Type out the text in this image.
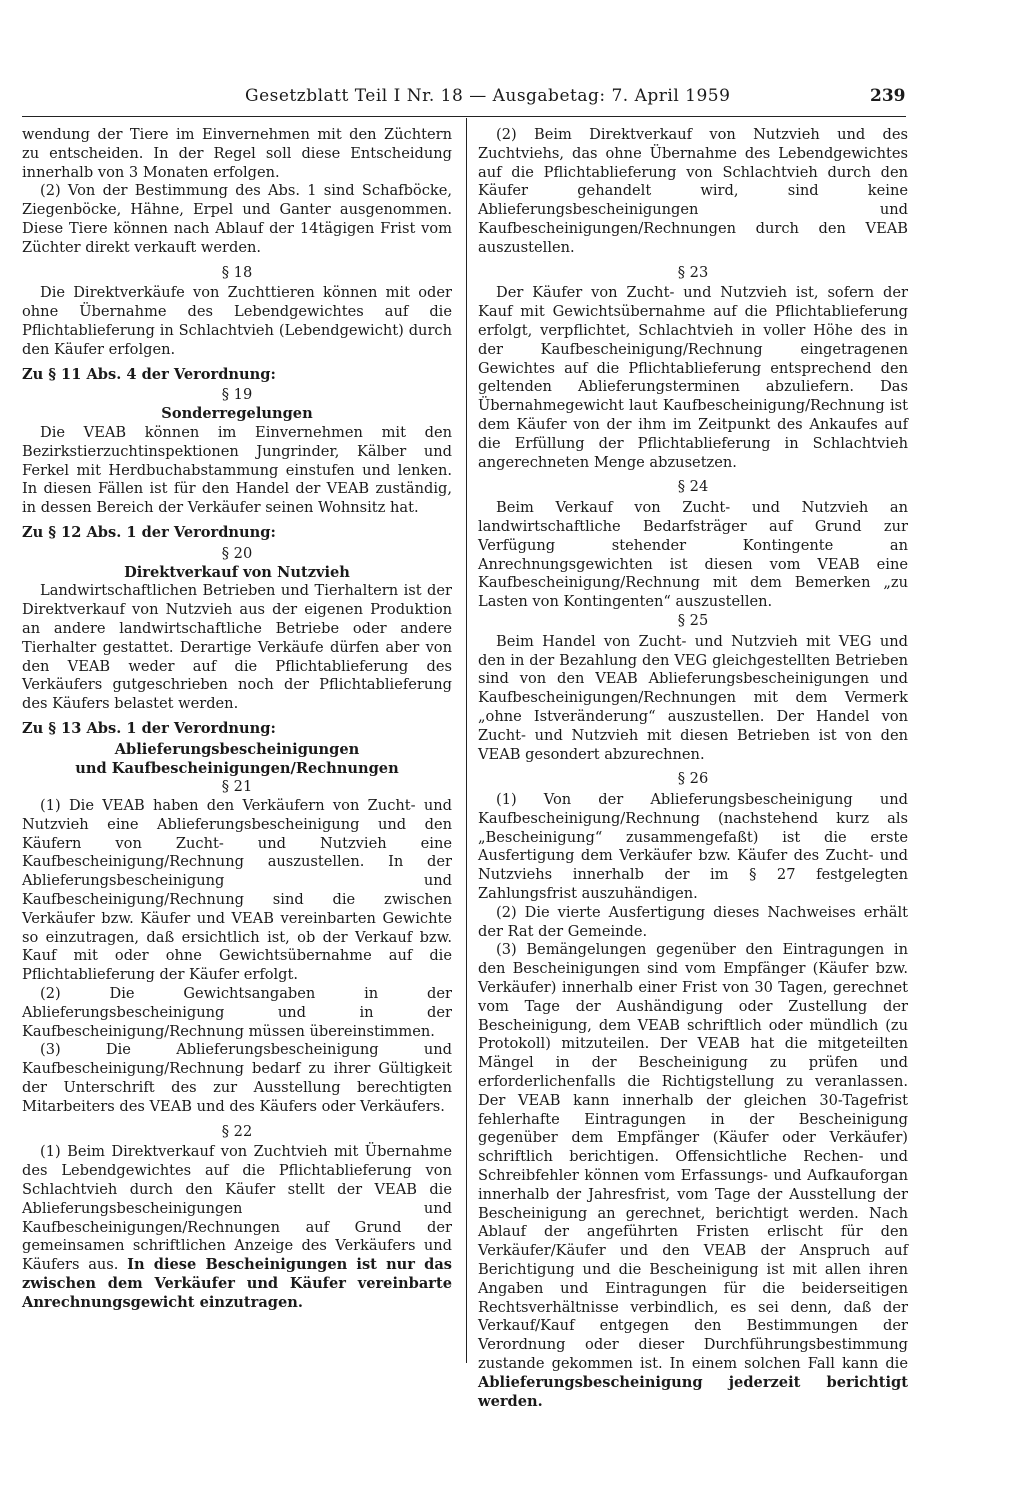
Gesetzblatt Teil I Nr. 18 — Ausgabetag: 7. April 1959	239

wendung der Tiere im Einvernehmen mit den Züchtern zu entscheiden. In der Regel soll diese Entscheidung innerhalb von 3 Monaten erfolgen.

(2) Von der Bestimmung des Abs. 1 sind Schafböcke, Ziegenböcke, Hähne, Erpel und Ganter ausgenommen. Diese Tiere können nach Ablauf der 14tägigen Frist vom Züchter direkt verkauft werden.

§ 18

Die Direktverkäufe von Zuchttieren können mit oder ohne Übernahme des Lebendgewichtes auf die Pflichtablieferung in Schlachtvieh (Lebendgewicht) durch den Käufer erfolgen.

Zu § 11 Abs. 4 der Verordnung:

§ 19

Sonderregelungen

Die VEAB können im Einvernehmen mit den Bezirkstierzuchtinspektionen Jungrinder, Kälber und Ferkel mit Herdbuchabstammung einstufen und lenken. In diesen Fällen ist für den Handel der VEAB zuständig, in dessen Bereich der Verkäufer seinen Wohnsitz hat.

Zu § 12 Abs. 1 der Verordnung:

§ 20

Direktverkauf von Nutzvieh

Landwirtschaftlichen Betrieben und Tierhaltern ist der Direktverkauf von Nutzvieh aus der eigenen Produktion an andere landwirtschaftliche Betriebe oder andere Tierhalter gestattet. Derartige Verkäufe dürfen aber von den VEAB weder auf die Pflichtablieferung des Verkäufers gutgeschrieben noch der Pflichtablieferung des Käufers belastet werden.

Zu § 13 Abs. 1 der Verordnung:

Ablieferungsbescheinigungen

und Kaufbescheinigungen/Rechnungen

§ 21

(1) Die VEAB haben den Verkäufern von Zucht- und Nutzvieh eine Ablieferungsbescheinigung und den Käufern von Zucht- und Nutzvieh eine Kaufbescheinigung/Rechnung auszustellen. In der Ablieferungsbescheinigung und Kaufbescheinigung/Rechnung sind die zwischen Verkäufer bzw. Käufer und VEAB vereinbarten Gewichte so einzutragen, daß ersichtlich ist, ob der Verkauf bzw. Kauf mit oder ohne Gewichtsübernahme auf die Pflichtablieferung der Käufer erfolgt.

(2) Die Gewichtsangaben in der Ablieferungsbescheinigung und in der Kaufbescheinigung/Rechnung müssen übereinstimmen.

(3) Die Ablieferungsbescheinigung und Kaufbescheinigung/Rechnung bedarf zu ihrer Gültigkeit der Unterschrift des zur Ausstellung berechtigten Mitarbeiters des VEAB und des Käufers oder Verkäufers.

§ 22

(1) Beim Direktverkauf von Zuchtvieh mit Übernahme des Lebendgewichtes auf die Pflichtablieferung von Schlachtvieh durch den Käufer stellt der VEAB die Ablieferungsbescheinigungen und Kaufbescheinigungen/Rechnungen auf Grund der gemeinsamen schriftlichen Anzeige des Verkäufers und Käufers aus. In diese Bescheinigungen ist nur das zwischen dem Verkäufer und Käufer vereinbarte Anrechnungsgewicht einzutragen.

(2) Beim Direktverkauf von Nutzvieh und des Zuchtviehs, das ohne Übernahme des Lebendgewichtes auf die Pflichtablieferung von Schlachtvieh durch den Käufer gehandelt wird, sind keine Ablieferungsbescheinigungen und Kaufbescheinigungen/Rechnungen durch den VEAB auszustellen.

§ 23

Der Käufer von Zucht- und Nutzvieh ist, sofern der Kauf mit Gewichtsübernahme auf die Pflichtablieferung erfolgt, verpflichtet, Schlachtvieh in voller Höhe des in der Kaufbescheinigung/Rechnung eingetragenen Gewichtes auf die Pflichtablieferung entsprechend den geltenden Ablieferungsterminen abzuliefern. Das Übernahmegewicht laut Kaufbescheinigung/Rechnung ist dem Käufer von der ihm im Zeitpunkt des Ankaufes auf die Erfüllung der Pflichtablieferung in Schlachtvieh angerechneten Menge abzusetzen.

§ 24

Beim Verkauf von Zucht- und Nutzvieh an landwirtschaftliche Bedarfsträger auf Grund zur Verfügung stehender Kontingente an Anrechnungsgewichten ist diesen vom VEAB eine Kaufbescheinigung/Rechnung mit dem Bemerken „zu Lasten von Kontingenten“ auszustellen.

§ 25

Beim Handel von Zucht- und Nutzvieh mit VEG und den in der Bezahlung den VEG gleichgestellten Betrieben sind von den VEAB Ablieferungsbescheinigungen und Kaufbescheinigungen/Rechnungen mit dem Vermerk „ohne Istveränderung“ auszustellen. Der Handel von Zucht- und Nutzvieh mit diesen Betrieben ist von den VEAB gesondert abzurechnen.

§ 26

(1) Von der Ablieferungsbescheinigung und Kaufbescheinigung/Rechnung (nachstehend kurz als „Bescheinigung“ zusammengefaßt) ist die erste Ausfertigung dem Verkäufer bzw. Käufer des Zucht- und Nutzviehs innerhalb der im § 27 festgelegten Zahlungsfrist auszuhändigen.

(2) Die vierte Ausfertigung dieses Nachweises erhält der Rat der Gemeinde.

(3) Bemängelungen gegenüber den Eintragungen in den Bescheinigungen sind vom Empfänger (Käufer bzw. Verkäufer) innerhalb einer Frist von 30 Tagen, gerechnet vom Tage der Aushändigung oder Zustellung der Bescheinigung, dem VEAB schriftlich oder mündlich (zu Protokoll) mitzuteilen. Der VEAB hat die mitgeteilten Mängel in der Bescheinigung zu prüfen und erforderlichenfalls die Richtigstellung zu veranlassen. Der VEAB kann innerhalb der gleichen 30-Tagefrist fehlerhafte Eintragungen in der Bescheinigung gegenüber dem Empfänger (Käufer oder Verkäufer) schriftlich berichtigen. Offensichtliche Rechen- und Schreibfehler können vom Erfassungs- und Aufkauforgan innerhalb der Jahresfrist, vom Tage der Ausstellung der Bescheinigung an gerechnet, berichtigt werden. Nach Ablauf der angeführten Fristen erlischt für den Verkäufer/Käufer und den VEAB der Anspruch auf Berichtigung und die Bescheinigung ist mit allen ihren Angaben und Eintragungen für die beiderseitigen Rechtsverhältnisse verbindlich, es sei denn, daß der Verkauf/Kauf entgegen den Bestimmungen der Verordnung oder dieser Durchführungsbestimmung zustande gekommen ist. In einem solchen Fall kann die Ablieferungsbescheinigung jederzeit berichtigt werden.
